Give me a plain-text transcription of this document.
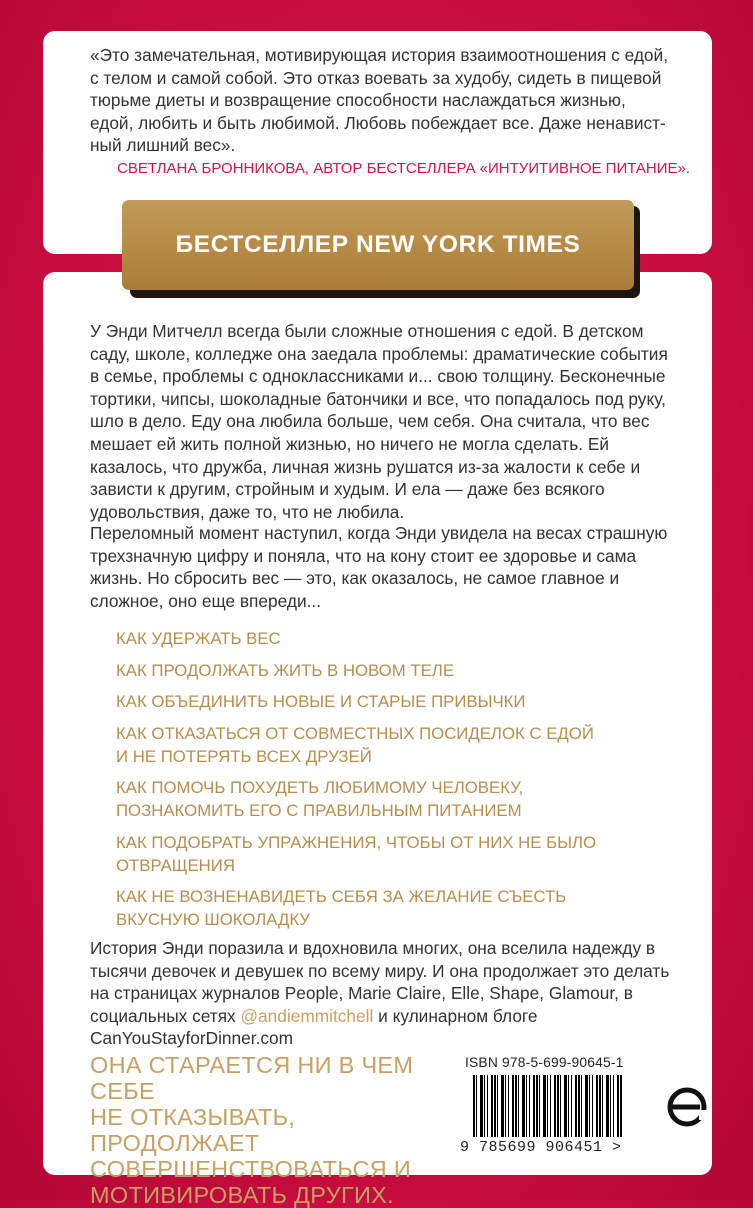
«Это замечательная, мотивирующая история взаимоотношения с едой,
с телом и самой собой. Это отказ воевать за худобу, сидеть в пищевой
тюрьме диеты и возвращение способности наслаждаться жизнью,
едой, любить и быть любимой. Любовь побеждает все. Даже ненавист-
ный лишний вес».
СВЕТЛАНА БРОННИКОВА, АВТОР БЕСТСЕЛЛЕРА «ИНТУИТИВНОЕ ПИТАНИЕ».
БЕСТСЕЛЛЕР NEW YORK TIMES
У Энди Митчелл всегда были сложные отношения с едой. В детском
саду, школе, колледже она заедала проблемы: драматические события
в семье, проблемы с одноклассниками и... свою толщину. Бесконечные
тортики, чипсы, шоколадные батончики и все, что попадалось под руку,
шло в дело. Еду она любила больше, чем себя. Она считала, что вес
мешает ей жить полной жизнью, но ничего не могла сделать. Ей
казалось, что дружба, личная жизнь рушатся из-за жалости к себе и
зависти к другим, стройным и худым. И ела — даже без всякого
удовольствия, даже то, что не любила.
Переломный момент наступил, когда Энди увидела на весах страшную
трехзначную цифру и поняла, что на кону стоит ее здоровье и сама
жизнь. Но сбросить вес — это, как оказалось, не самое главное и
сложное, оно еще впереди...
КАК УДЕРЖАТЬ ВЕС
КАК ПРОДОЛЖАТЬ ЖИТЬ В НОВОМ ТЕЛЕ
КАК ОБЪЕДИНИТЬ НОВЫЕ И СТАРЫЕ ПРИВЫЧКИ
КАК ОТКАЗАТЬСЯ ОТ СОВМЕСТНЫХ ПОСИДЕЛОК С ЕДОЙ
И НЕ ПОТЕРЯТЬ ВСЕХ ДРУЗЕЙ
КАК ПОМОЧЬ ПОХУДЕТЬ ЛЮБИМОМУ ЧЕЛОВЕКУ,
ПОЗНАКОМИТЬ ЕГО С ПРАВИЛЬНЫМ ПИТАНИЕМ
КАК ПОДОБРАТЬ УПРАЖНЕНИЯ, ЧТОБЫ ОТ НИХ НЕ БЫЛО
ОТВРАЩЕНИЯ
КАК НЕ ВОЗНЕНАВИДЕТЬ СЕБЯ ЗА ЖЕЛАНИЕ СЪЕСТЬ
ВКУСНУЮ ШОКОЛАДКУ
История Энди поразила и вдохновила многих, она вселила надежду в
тысячи девочек и девушек по всему миру. И она продолжает это делать
на страницах журналов People, Marie Claire, Elle, Shape, Glamour, в
социальных сетях @andiemmitchell и кулинарном блоге
CanYouStayforDinner.com
ОНА СТАРАЕТСЯ НИ В ЧЕМ СЕБЕ
НЕ ОТКАЗЫВАТЬ, ПРОДОЛЖАЕТ
СОВЕРШЕНСТВОВАТЬСЯ И
МОТИВИРОВАТЬ ДРУГИХ.
ISBN 978-5-699-90645-1
9 785699 906451 >
